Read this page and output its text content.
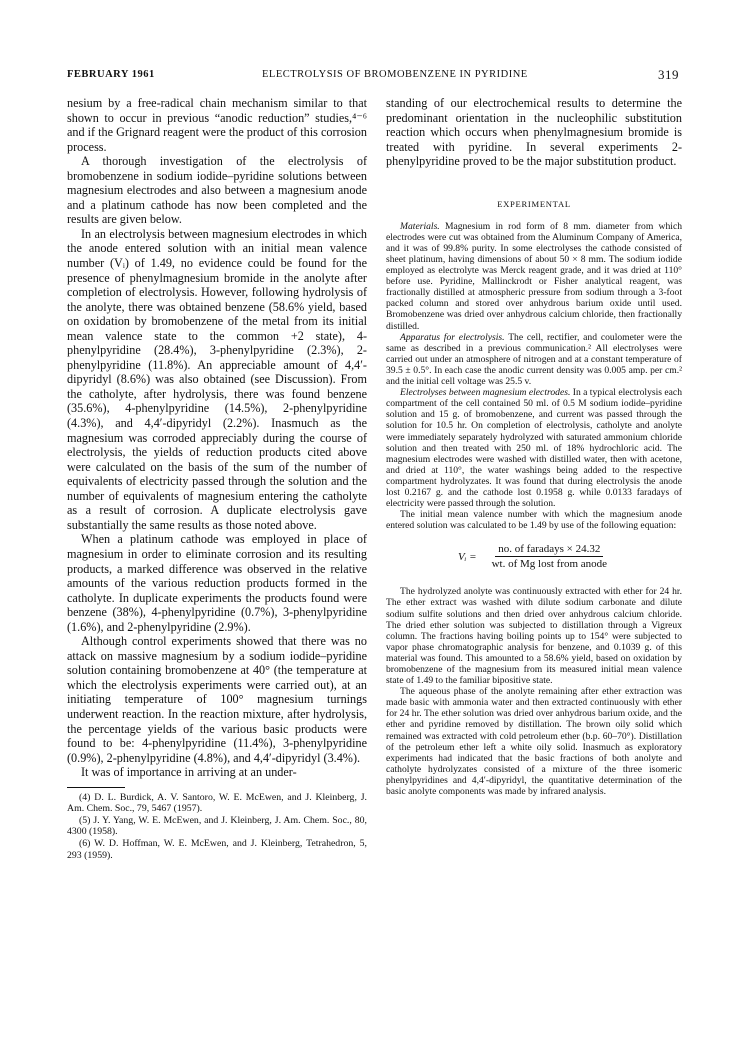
FEBRUARY 1961	ELECTROLYSIS OF BROMOBENZENE IN PYRIDINE	319

nesium by a free-radical chain mechanism similar to that shown to occur in previous “anodic reduction” studies,⁴⁻⁶ and if the Grignard reagent were the product of this corrosion process.

A thorough investigation of the electrolysis of bromobenzene in sodium iodide–pyridine solutions between magnesium electrodes and also between a magnesium anode and a platinum cathode has now been completed and the results are given below.

In an electrolysis between magnesium electrodes in which the anode entered solution with an initial mean valence number (Vᵢ) of 1.49, no evidence could be found for the presence of phenylmagnesium bromide in the anolyte after completion of electrolysis. However, following hydrolysis of the anolyte, there was obtained benzene (58.6% yield, based on oxidation by bromobenzene of the metal from its initial mean valence state to the common +2 state), 4-phenylpyridine (28.4%), 3-phenylpyridine (2.3%), 2-phenylpyridine (11.8%). An appreciable amount of 4,4′-dipyridyl (8.6%) was also obtained (see Discussion). From the catholyte, after hydrolysis, there was found benzene (35.6%), 4-phenylpyridine (14.5%), 2-phenylpyridine (4.3%), and 4,4′-dipyridyl (2.2%). Inasmuch as the magnesium was corroded appreciably during the course of electrolysis, the yields of reduction products cited above were calculated on the basis of the sum of the number of equivalents of electricity passed through the solution and the number of equivalents of magnesium entering the catholyte as a result of corrosion. A duplicate electrolysis gave substantially the same results as those noted above.

When a platinum cathode was employed in place of magnesium in order to eliminate corrosion and its resulting products, a marked difference was observed in the relative amounts of the various reduction products formed in the catholyte. In duplicate experiments the products found were benzene (38%), 4-phenylpyridine (0.7%), 3-phenylpyridine (1.6%), and 2-phenylpyridine (2.9%).

Although control experiments showed that there was no attack on massive magnesium by a sodium iodide–pyridine solution containing bromobenzene at 40° (the temperature at which the electrolysis experiments were carried out), at an initiating temperature of 100° magnesium turnings underwent reaction. In the reaction mixture, after hydrolysis, the percentage yields of the various basic products were found to be: 4-phenylpyridine (11.4%), 3-phenylpyridine (0.9%), 2-phenylpyridine (4.8%), and 4,4′-dipyridyl (3.4%).

It was of importance in arriving at an under-

(4) D. L. Burdick, A. V. Santoro, W. E. McEwen, and J. Kleinberg, J. Am. Chem. Soc., 79, 5467 (1957).

(5) J. Y. Yang, W. E. McEwen, and J. Kleinberg, J. Am. Chem. Soc., 80, 4300 (1958).

(6) W. D. Hoffman, W. E. McEwen, and J. Kleinberg, Tetrahedron, 5, 293 (1959).

standing of our electrochemical results to determine the predominant orientation in the nucleophilic substitution reaction which occurs when phenylmagnesium bromide is treated with pyridine. In several experiments 2-phenylpyridine proved to be the major substitution product.

EXPERIMENTAL

Materials. Magnesium in rod form of 8 mm. diameter from which electrodes were cut was obtained from the Aluminum Company of America, and it was of 99.8% purity. In some electrolyses the cathode consisted of sheet platinum, having dimensions of about 50 × 8 mm. The sodium iodide employed as electrolyte was Merck reagent grade, and it was dried at 110° before use. Pyridine, Mallinckrodt or Fisher analytical reagent, was fractionally distilled at atmospheric pressure from sodium through a 3-foot packed column and stored over anhydrous barium oxide until used. Bromobenzene was dried over anhydrous calcium chloride, then fractionally distilled.

Apparatus for electrolysis. The cell, rectifier, and coulometer were the same as described in a previous communication.² All electrolyses were carried out under an atmosphere of nitrogen and at a constant temperature of 39.5 ± 0.5°. In each case the anodic current density was 0.005 amp. per cm.² and the initial cell voltage was 25.5 v.

Electrolyses between magnesium electrodes. In a typical electrolysis each compartment of the cell contained 50 ml. of 0.5 M sodium iodide–pyridine solution and 15 g. of bromobenzene, and current was passed through the solution for 10.5 hr. On completion of electrolysis, catholyte and anolyte were immediately separately hydrolyzed with saturated ammonium chloride solution and then treated with 250 ml. of 18% hydrochloric acid. The magnesium electrodes were washed with distilled water, then with acetone, and dried at 110°, the water washings being added to the respective compartment hydrolyzates. It was found that during electrolysis the anode lost 0.2167 g. and the cathode lost 0.1958 g. while 0.0133 faradays of electricity were passed through the solution.

The initial mean valence number with which the magnesium anode entered solution was calculated to be 1.49 by use of the following equation:

Vᵢ = $\frac{\text{no. of faradays × 24.32}}{\text{wt. of Mg lost from anode}}$

The hydrolyzed anolyte was continuously extracted with ether for 24 hr. The ether extract was washed with dilute sodium carbonate and dilute sodium sulfite solutions and then dried over anhydrous calcium chloride. The dried ether solution was subjected to distillation through a Vigreux column. The fractions having boiling points up to 154° were subjected to vapor phase chromatographic analysis for benzene, and 0.1039 g. of this material was found. This amounted to a 58.6% yield, based on oxidation by bromobenzene of the magnesium from its measured initial mean valence state of 1.49 to the familiar bipositive state.

The aqueous phase of the anolyte remaining after ether extraction was made basic with ammonia water and then extracted continuously with ether for 24 hr. The ether solution was dried over anhydrous barium oxide, and the ether and pyridine removed by distillation. The brown oily solid which remained was extracted with cold petroleum ether (b.p. 60–70°). Distillation of the petroleum ether left a white oily solid. Inasmuch as exploratory experiments had indicated that the basic fractions of both anolyte and catholyte hydrolyzates consisted of a mixture of the three isomeric phenylpyridines and 4,4′-dipyridyl, the quantitative determination of the basic anolyte components was made by infrared analysis.
